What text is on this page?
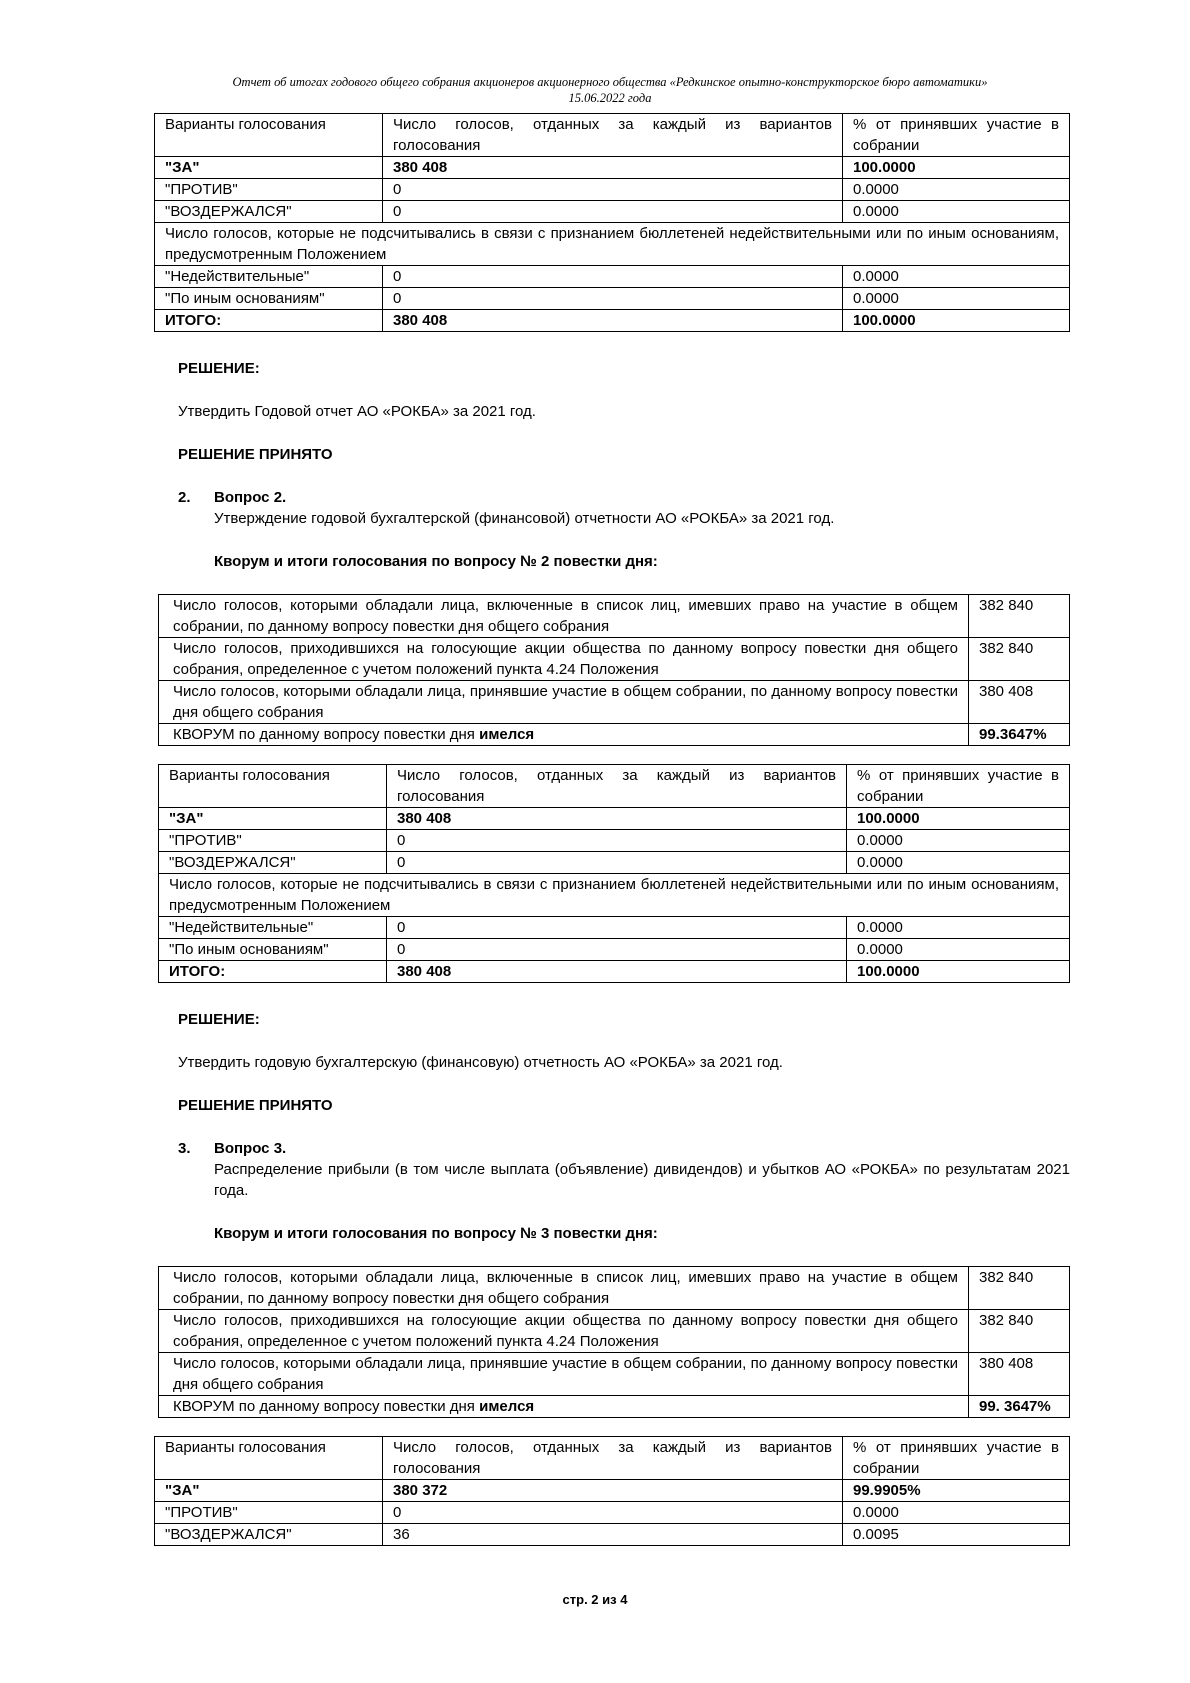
Отчет об итогах годового общего собрания акционеров акционерного общества «Редкинское опытно-конструкторское бюро автоматики»
15.06.2022 года
Варианты голосования	Число голосов, отданных за каждый из вариантов голосования	% от принявших участие в собрании
"ЗА"	380 408	100.0000
"ПРОТИВ"	0	0.0000
"ВОЗДЕРЖАЛСЯ"	0	0.0000
Число голосов, которые не подсчитывались в связи с признанием бюллетеней недействительными или по иным основаниям, предусмотренным Положением		
"Недействительные"	0	0.0000
"По иным основаниям"	0	0.0000
ИТОГО:	380 408	100.0000

РЕШЕНИЕ:

Утвердить Годовой отчет АО «РОКБА» за 2021 год.

РЕШЕНИЕ ПРИНЯТО

2.	Вопрос 2.

Утверждение годовой бухгалтерской (финансовой) отчетности АО «РОКБА» за 2021 год.

Кворум и итоги голосования по вопросу № 2 повестки дня:

Число голосов, которыми обладали лица, включенные в список лиц, имевших право на участие в общем собрании, по данному вопросу повестки дня общего собрания	382 840
Число голосов, приходившихся на голосующие акции общества по данному вопросу повестки дня общего собрания, определенное с учетом положений пункта 4.24 Положения	382 840
Число голосов, которыми обладали лица, принявшие участие в общем собрании, по данному вопросу повестки дня общего собрания	380 408
КВОРУМ по данному вопросу повестки дня имелся	99.3647%
Варианты голосования	Число голосов, отданных за каждый из вариантов голосования	% от принявших участие в собрании
"ЗА"	380 408	100.0000
"ПРОТИВ"	0	0.0000
"ВОЗДЕРЖАЛСЯ"	0	0.0000
Число голосов, которые не подсчитывались в связи с признанием бюллетеней недействительными или по иным основаниям, предусмотренным Положением		
"Недействительные"	0	0.0000
"По иным основаниям"	0	0.0000
ИТОГО:	380 408	100.0000

РЕШЕНИЕ:

Утвердить годовую бухгалтерскую (финансовую) отчетность АО «РОКБА» за 2021 год.

РЕШЕНИЕ ПРИНЯТО

3.	Вопрос 3.

Распределение прибыли (в том числе выплата (объявление) дивидендов) и убытков АО «РОКБА» по результатам 2021 года.

Кворум и итоги голосования по вопросу № 3 повестки дня:

Число голосов, которыми обладали лица, включенные в список лиц, имевших право на участие в общем собрании, по данному вопросу повестки дня общего собрания	382 840
Число голосов, приходившихся на голосующие акции общества по данному вопросу повестки дня общего собрания, определенное с учетом положений пункта 4.24 Положения	382 840
Число голосов, которыми обладали лица, принявшие участие в общем собрании, по данному вопросу повестки дня общего собрания	380 408
КВОРУМ по данному вопросу повестки дня имелся	99. 3647%
Варианты голосования	Число голосов, отданных за каждый из вариантов голосования	% от принявших участие в собрании
"ЗА"	380 372	99.9905%
"ПРОТИВ"	0	0.0000
"ВОЗДЕРЖАЛСЯ"	36	0.0095
стр. 2 из 4
